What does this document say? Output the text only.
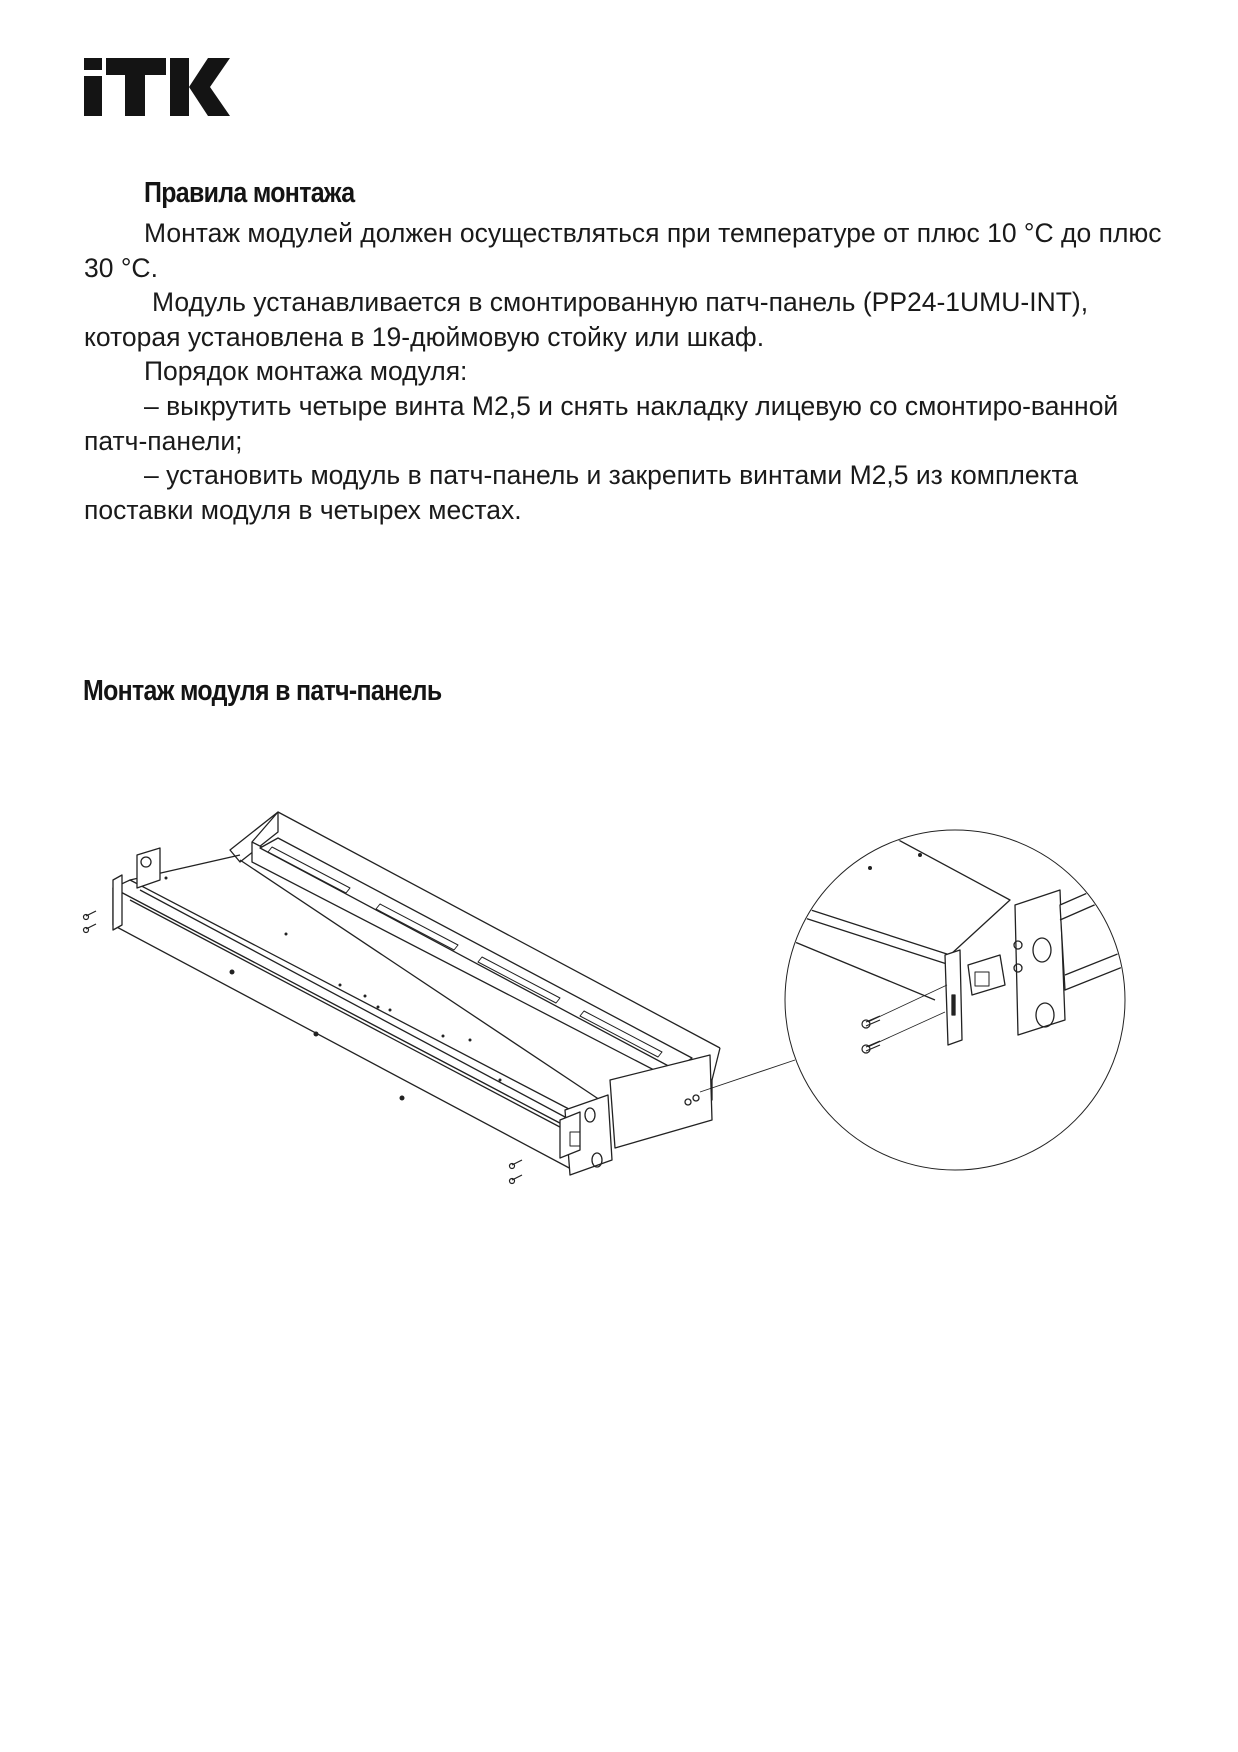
Правила монтажа

Монтаж модулей должен осуществляться при температуре от плюс 10 °С до плюс 30 °С.

Модуль устанавливается в смонтированную патч-панель (PP24-1UMU-INT), которая установлена в 19-дюймовую стойку или шкаф.

Порядок монтажа модуля:

– выкрутить четыре винта М2,5 и снять накладку лицевую со смонтиро-ванной патч-панели;

– установить модуль в патч-панель и закрепить винтами М2,5 из комплекта поставки модуля в четырех местах.

Монтаж модуля в патч-панель
